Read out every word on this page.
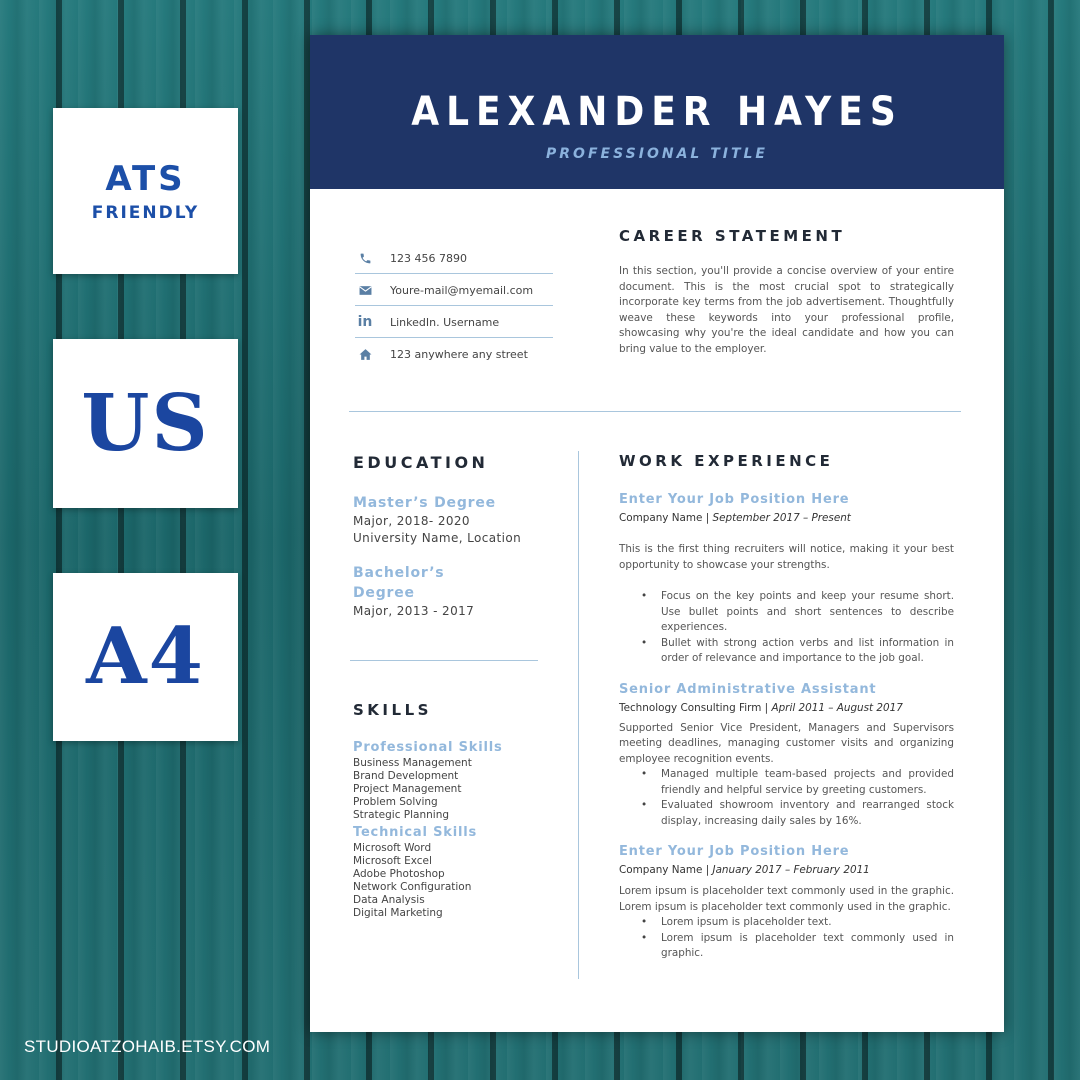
ATS
FRIENDLY
US
A4
STUDIOATZOHAIB.ETSY.COM
ALEXANDER HAYES
PROFESSIONAL TITLE
123 456 7890
Youre-mail@myemail.com
in LinkedIn. Username
123 anywhere any street
CAREER STATEMENT
In this section, you'll provide a concise overview of your entire document. This is the most crucial spot to strategically incorporate key terms from the job advertisement. Thoughtfully weave these keywords into your professional profile, showcasing why you're the ideal candidate and how you can bring value to the employer.
EDUCATION
Master’s Degree
Major, 2018- 2020
University Name, Location
Bachelor’s Degree
Major, 2013 - 2017
SKILLS
Professional Skills
Business Management
Brand Development
Project Management
Problem Solving
Strategic Planning
Technical Skills
Microsoft Word
Microsoft Excel
Adobe Photoshop
Network Configuration
Data Analysis
Digital Marketing
WORK EXPERIENCE
Enter Your Job Position Here
Company Name | September 2017 – Present
This is the first thing recruiters will notice, making it your best opportunity to showcase your strengths.
• Focus on the key points and keep your resume short. Use bullet points and short sentences to describe experiences.
• Bullet with strong action verbs and list information in order of relevance and importance to the job goal.
Senior Administrative Assistant
Technology Consulting Firm | April 2011 – August 2017
Supported Senior Vice President, Managers and Supervisors meeting deadlines, managing customer visits and organizing employee recognition events.
• Managed multiple team-based projects and provided friendly and helpful service by greeting customers.
• Evaluated showroom inventory and rearranged stock display, increasing daily sales by 16%.
Enter Your Job Position Here
Company Name | January 2017 – February 2011
Lorem ipsum is placeholder text commonly used in the graphic. Lorem ipsum is placeholder text commonly used in the graphic.
• Lorem ipsum is placeholder text.
• Lorem ipsum is placeholder text commonly used in graphic.
